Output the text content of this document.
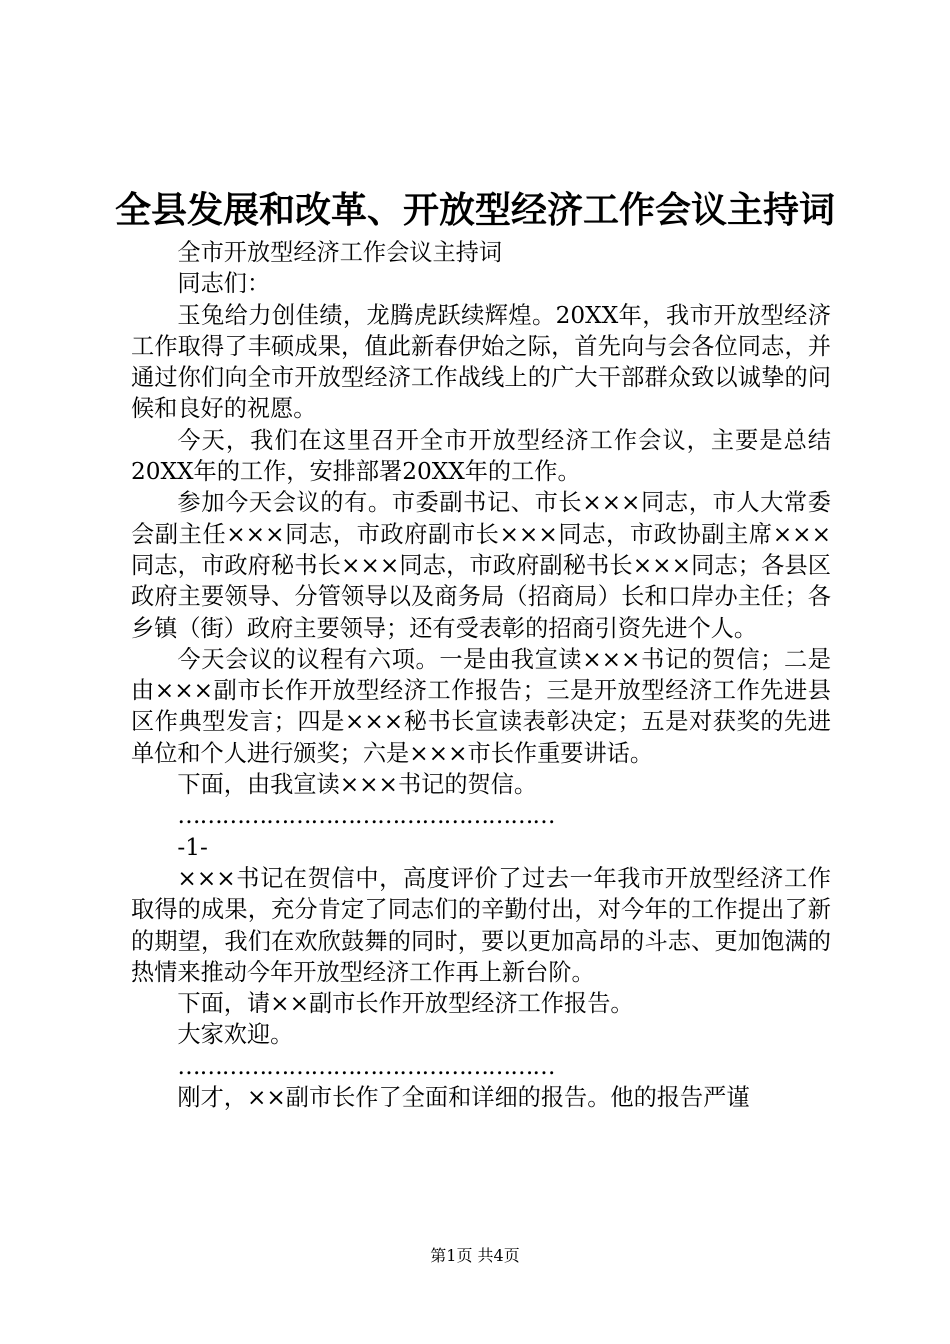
全县发展和改革、开放型经济工作会议主持词

全市开放型经济工作会议主持词

同志们：

玉兔给力创佳绩，龙腾虎跃续辉煌。20XX年，我市开放型经济工作取得了丰硕成果，值此新春伊始之际，首先向与会各位同志，并通过你们向全市开放型经济工作战线上的广大干部群众致以诚挚的问候和良好的祝愿。

今天，我们在这里召开全市开放型经济工作会议，主要是总结20XX年的工作，安排部署20XX年的工作。

参加今天会议的有。市委副书记、市长×××同志，市人大常委会副主任×××同志，市政府副市长×××同志，市政协副主席×××同志，市政府秘书长×××同志，市政府副秘书长×××同志；各县区政府主要领导、分管领导以及商务局（招商局）长和口岸办主任；各乡镇（街）政府主要领导；还有受表彰的招商引资先进个人。

今天会议的议程有六项。一是由我宣读×××书记的贺信；二是由×××副市长作开放型经济工作报告；三是开放型经济工作先进县区作典型发言；四是×××秘书长宣读表彰决定；五是对获奖的先进单位和个人进行颁奖；六是×××市长作重要讲话。

下面，由我宣读×××书记的贺信。

……………………………………………

-1-

×××书记在贺信中，高度评价了过去一年我市开放型经济工作取得的成果，充分肯定了同志们的辛勤付出，对今年的工作提出了新的期望，我们在欢欣鼓舞的同时，要以更加高昂的斗志、更加饱满的热情来推动今年开放型经济工作再上新台阶。

下面，请××副市长作开放型经济工作报告。

大家欢迎。

……………………………………………

刚才，××副市长作了全面和详细的报告。他的报告严谨

第1页 共4页
